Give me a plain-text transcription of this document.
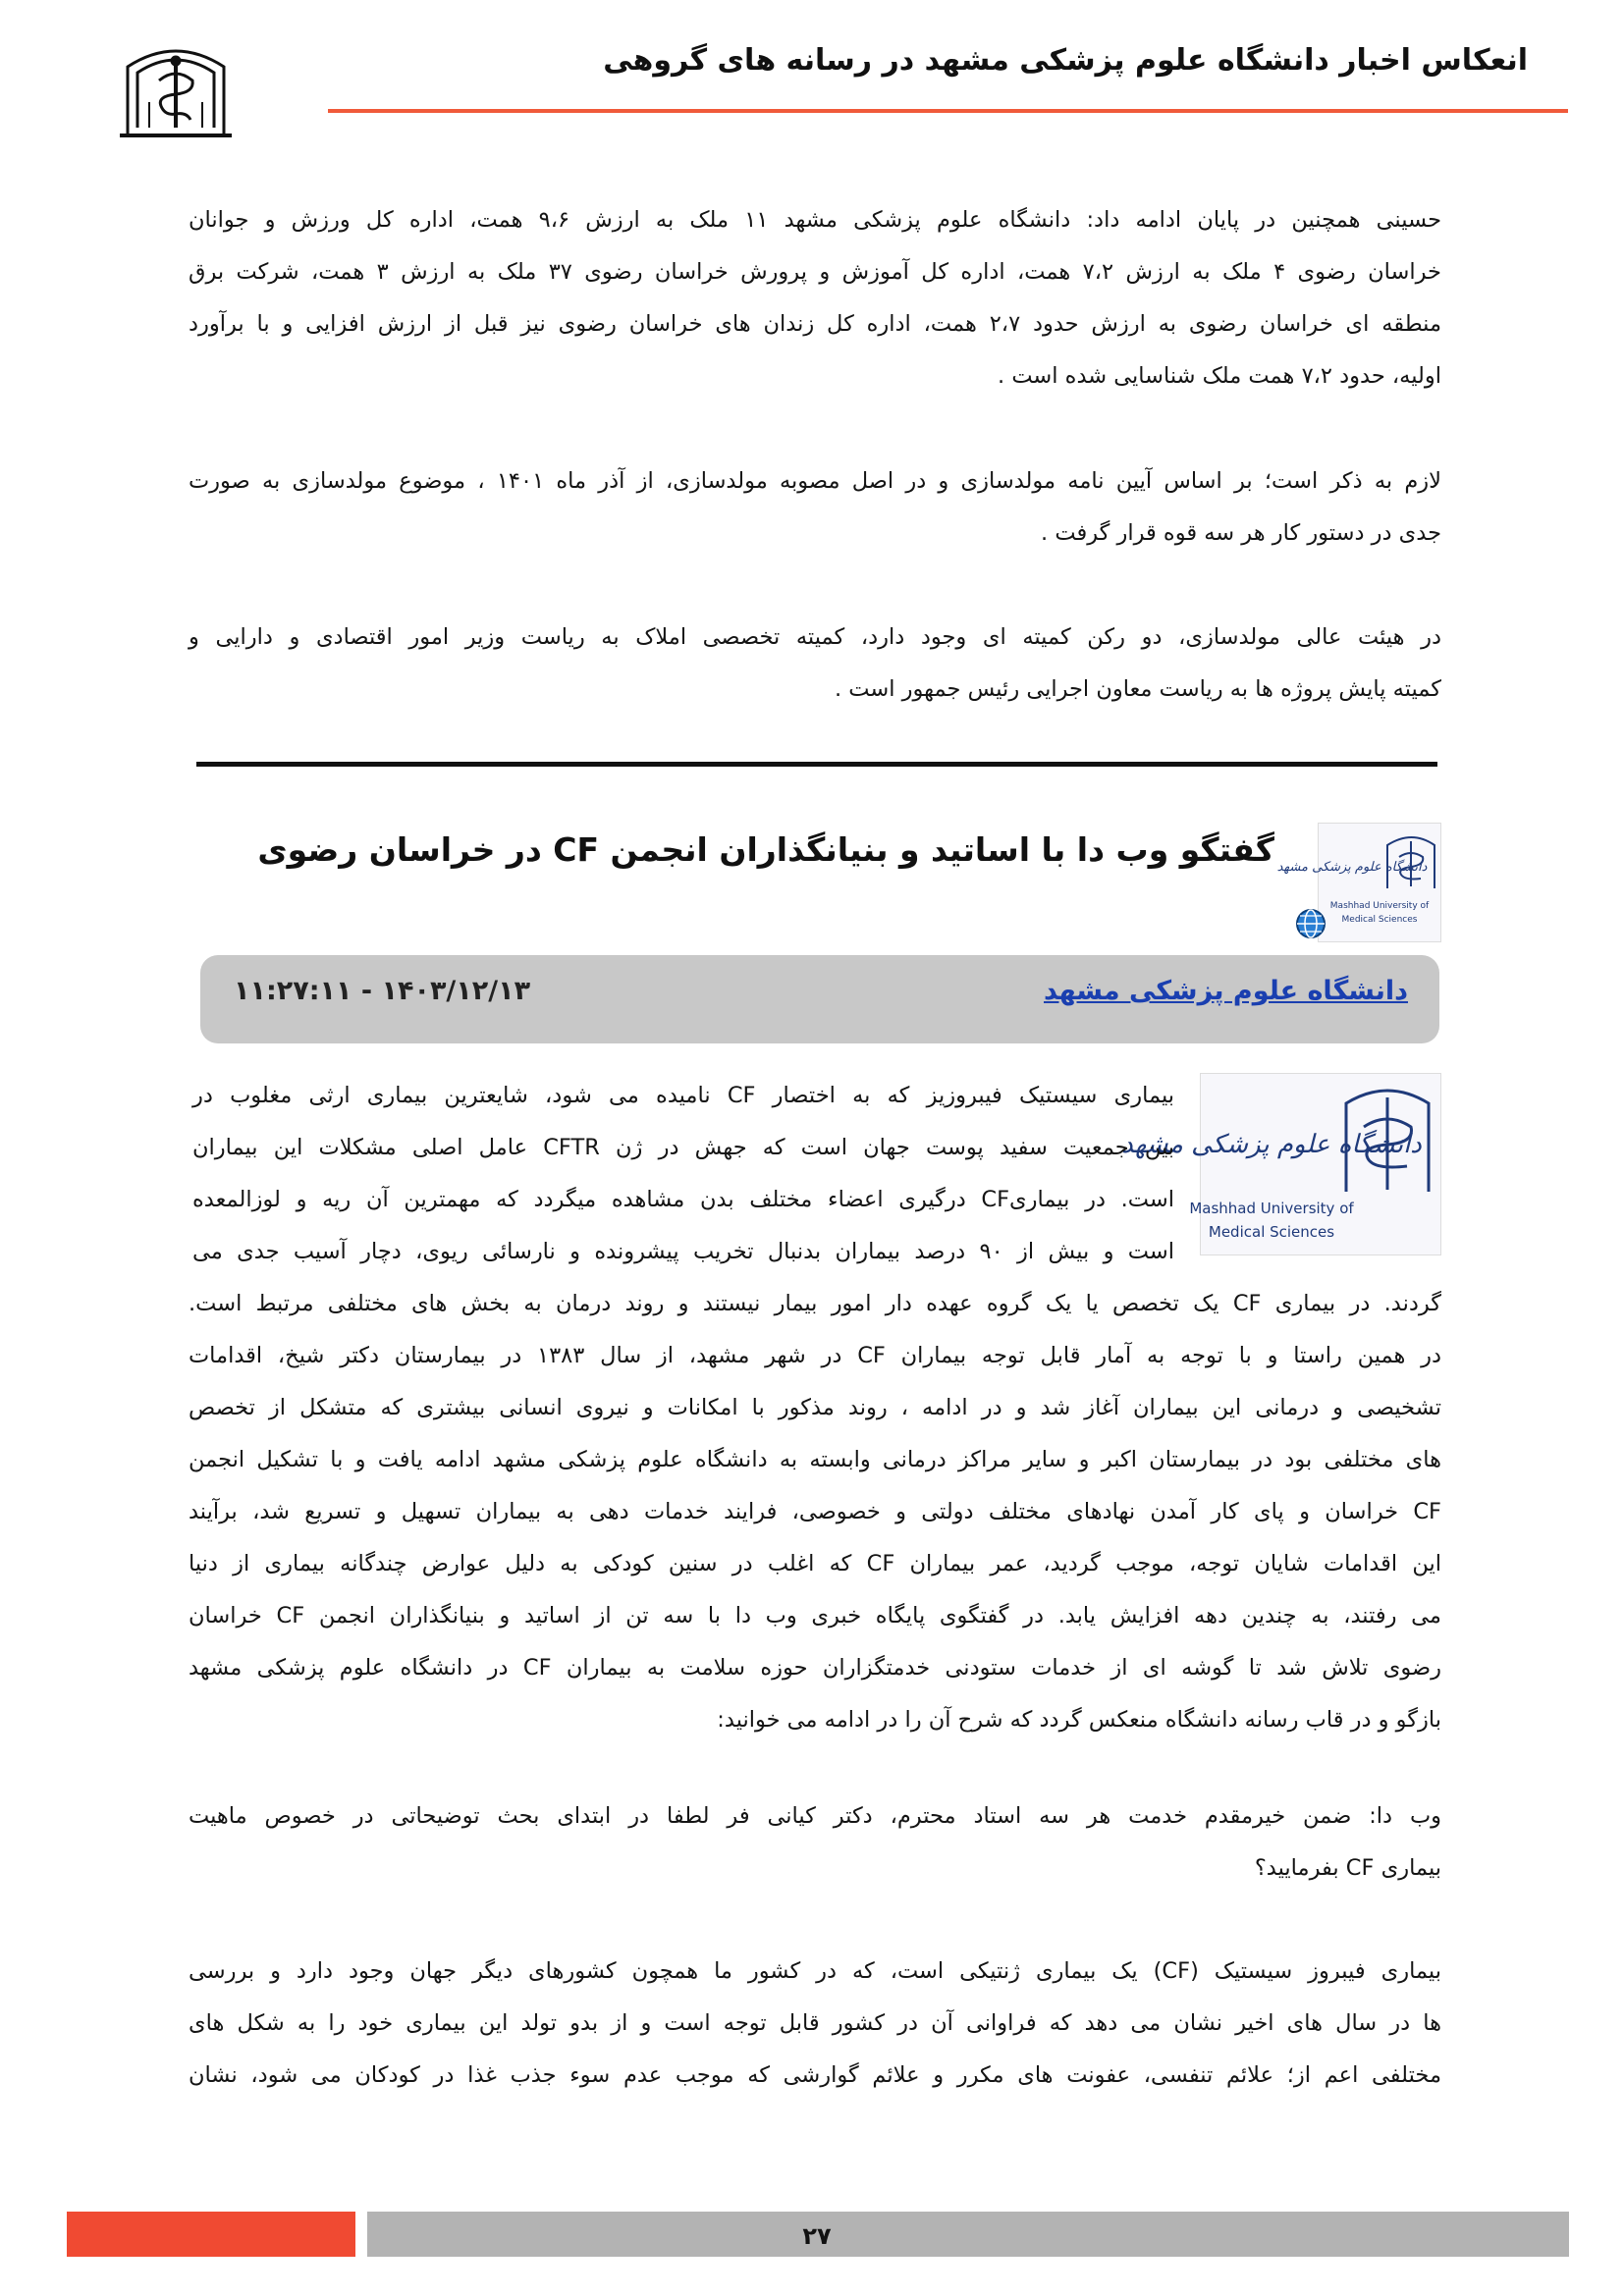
انعکاس اخبار دانشگاه علوم پزشکی مشهد در رسانه های گروهی
حسینی همچنین در پایان ادامه داد: دانشگاه علوم پزشکی مشهد ۱۱ ملک به ارزش ۹،۶ همت، اداره کل ورزش و جوانان
خراسان رضوی ۴ ملک به ارزش ۷،۲ همت، اداره کل آموزش و پرورش خراسان رضوی ۳۷ ملک به ارزش ۳ همت، شرکت برق
منطقه ای خراسان رضوی به ارزش حدود ۲،۷ همت، اداره کل زندان های خراسان رضوی نیز قبل از ارزش افزایی و با برآورد
اولیه، حدود ۷،۲ همت ملک شناسایی شده است .
لازم به ذکر است؛ بر اساس آیین نامه مولدسازی و در اصل مصوبه مولدسازی، از آذر ماه ۱۴۰۱ ، موضوع مولدسازی به صورت
جدی در دستور کار هر سه قوه قرار گرفت .
در هیئت عالی مولدسازی، دو رکن کمیته ای وجود دارد، کمیته تخصصی املاک به ریاست وزیر امور اقتصادی و دارایی و
کمیته پایش پروژه ها به ریاست معاون اجرایی رئیس جمهور است .
گفتگو وب دا با اساتید و بنیانگذاران انجمن CF در خراسان رضوی دانشگاه علوم پزشکی مشهد
Mashhad University of
Medical Sciences
دانشگاه علوم پزشکی مشهد
۱۴۰۳/۱۲/۱۳ - ۱۱:۲۷:۱۱
دانشگاه علوم پزشکی مشهد
Mashhad University of
Medical Sciences
بیماری سیستیک فیبروزیز که به اختصار CF نامیده می شود، شایعترین بیماری ارثی مغلوب در
بین جمعیت سفید پوست جهان است که جهش در ژن CFTR عامل اصلی مشکلات این بیماران
است. در بیماریCF درگیری اعضاء مختلف بدن مشاهده میگردد که مهمترین آن ریه و لوزالمعده
است و بیش از ۹۰ درصد بیماران بدنبال تخریب پیشرونده و نارسائی ریوی، دچار آسیب جدی می
گردند. در بیماری CF یک تخصص یا یک گروه عهده دار امور بیمار نیستند و روند درمان به بخش های مختلفی مرتبط است.
در همین راستا و با توجه به آمار قابل توجه بیماران CF در شهر مشهد، از سال ۱۳۸۳ در بیمارستان دکتر شیخ، اقدامات
تشخیصی و درمانی این بیماران آغاز شد و در ادامه ، روند مذکور با امکانات و نیروی انسانی بیشتری که متشکل از تخصص
های مختلفی بود در بیمارستان اکبر و سایر مراکز درمانی وابسته به دانشگاه علوم پزشکی مشهد ادامه یافت و با تشکیل انجمن
CF خراسان و پای کار آمدن نهادهای مختلف دولتی و خصوصی، فرایند خدمات دهی به بیماران تسهیل و تسریع شد، برآیند
این اقدامات شایان توجه، موجب گردید، عمر بیماران CF که اغلب در سنین کودکی به دلیل عوارض چندگانه بیماری از دنیا
می رفتند، به چندین دهه افزایش یابد. در گفتگوی پایگاه خبری وب دا با سه تن از اساتید و بنیانگذاران انجمن CF خراسان
رضوی تلاش شد تا گوشه ای از خدمات ستودنی خدمتگزاران حوزه سلامت به بیماران CF در دانشگاه علوم پزشکی مشهد
بازگو و در قاب رسانه دانشگاه منعکس گردد که شرح آن را در ادامه می خوانید:
وب دا: ضمن خیرمقدم خدمت هر سه استاد محترم، دکتر کیانی فر لطفا در ابتدای بحث توضیحاتی در خصوص ماهیت
بیماری CF بفرمایید؟
بیماری فیبروز سیستیک (CF) یک بیماری ژنتیکی است، که در کشور ما همچون کشورهای دیگر جهان وجود دارد و بررسی
ها در سال های اخیر نشان می دهد که فراوانی آن در کشور قابل توجه است و از بدو تولد این بیماری خود را به شکل های
مختلفی اعم از؛ علائم تنفسی، عفونت های مکرر و علائم گوارشی که موجب عدم سوء جذب غذا در کودکان می شود، نشان
۲۷
